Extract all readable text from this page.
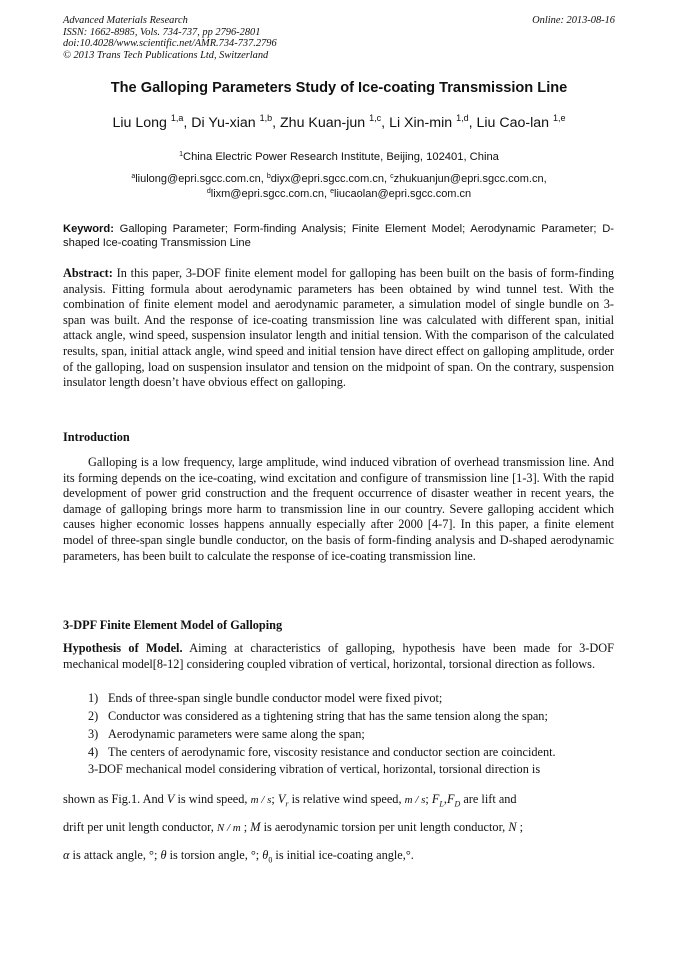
Advanced Materials Research
ISSN: 1662-8985, Vols. 734-737, pp 2796-2801
doi:10.4028/www.scientific.net/AMR.734-737.2796
© 2013 Trans Tech Publications Ltd, Switzerland
Online: 2013-08-16
The Galloping Parameters Study of Ice-coating Transmission Line
Liu Long $^{1,a}$, Di Yu-xian $^{1,b}$, Zhu Kuan-jun $^{1,c}$, Li Xin-min $^{1,d}$, Liu Cao-lan $^{1,e}$
$^1$China Electric Power Research Institute, Beijing, 102401, China
$^a$liulong@epri.sgcc.com.cn, $^b$diyx@epri.sgcc.com.cn, $^c$zhukuanjun@epri.sgcc.com.cn,
$^d$lixm@epri.sgcc.com.cn, $^e$liucaolan@epri.sgcc.com.cn
Keyword: Galloping Parameter; Form-finding Analysis; Finite Element Model; Aerodynamic Parameter; D-shaped Ice-coating Transmission Line
Abstract: In this paper, 3-DOF finite element model for galloping has been built on the basis of form-finding analysis. Fitting formula about aerodynamic parameters has been obtained by wind tunnel test. With the combination of finite element model and aerodynamic parameter, a simulation model of single bundle on 3-span was built. And the response of ice-coating transmission line was calculated with different span, initial attack angle, wind speed, suspension insulator length and initial tension. With the comparison of the calculated results, span, initial attack angle, wind speed and initial tension have direct effect on galloping amplitude, order of the galloping, load on suspension insulator and tension on the midpoint of span. On the contrary, suspension insulator length doesn’t have obvious effect on galloping.
Introduction
Galloping is a low frequency, large amplitude, wind induced vibration of overhead transmission line. And its forming depends on the ice-coating, wind excitation and configure of transmission line [1-3]. With the rapid development of power grid construction and the frequent occurrence of disaster weather in recent years, the damage of galloping brings more harm to transmission line in our country. Severe galloping accident which causes higher economic losses happens annually especially after 2000 [4-7]. In this paper, a finite element model of three-span single bundle conductor, on the basis of form-finding analysis and D-shaped aerodynamic parameters, has been built to calculate the response of ice-coating transmission line.
3-DPF Finite Element Model of Galloping
Hypothesis of Model. Aiming at characteristics of galloping, hypothesis have been made for 3-DOF mechanical model[8-12] considering coupled vibration of vertical, horizontal, torsional direction as follows.
1) Ends of three-span single bundle conductor model were fixed pivot;
2) Conductor was considered as a tightening string that has the same tension along the span;
3) Aerodynamic parameters were same along the span;
4) The centers of aerodynamic fore, viscosity resistance and conductor section are coincident.
3-DOF mechanical model considering vibration of vertical, horizontal, torsional direction is
shown as Fig.1. And V is wind speed, m / s; $V_r$ is relative wind speed, m / s; $F_L,F_D$ are lift and
drift per unit length conductor, N / m ; M is aerodynamic torsion per unit length conductor, N ;
α is attack angle, °; θ is torsion angle, °; $\theta_0$ is initial ice-coating angle,°.
